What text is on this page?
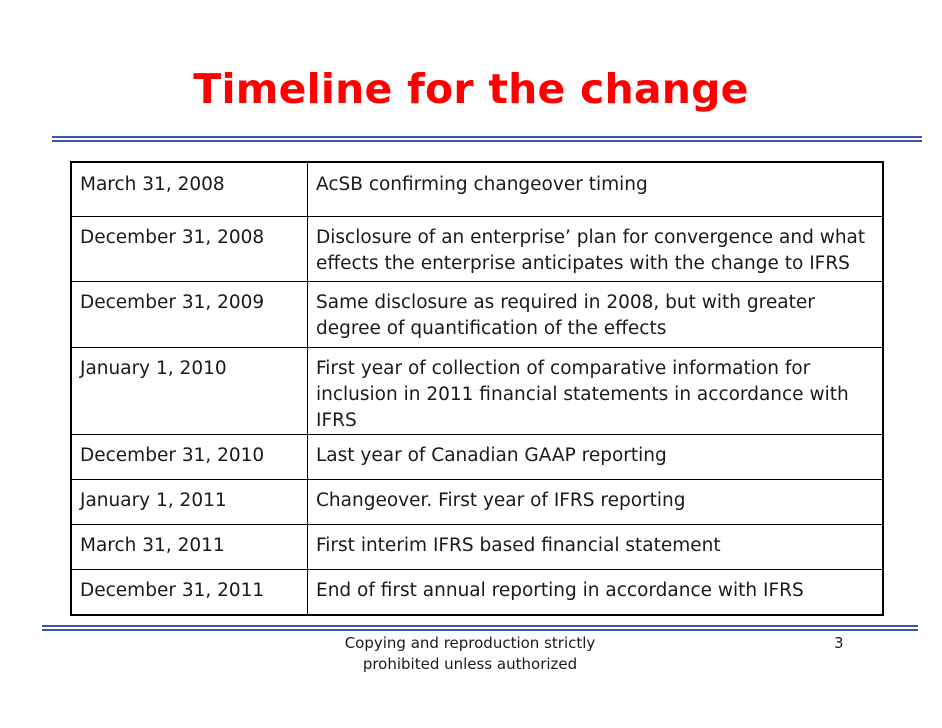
Timeline for the change
March 31, 2008	AcSB confirming changeover timing
December 31, 2008	Disclosure of an enterprise’ plan for convergence and what effects the enterprise anticipates with the change to IFRS
December 31, 2009	Same disclosure as required in 2008, but with greater degree of quantification of the effects
January 1, 2010	First year of collection of comparative information for inclusion in 2011 financial statements in accordance with IFRS
December 31, 2010	Last year of Canadian GAAP reporting
January 1, 2011	Changeover. First year of IFRS reporting
March 31, 2011	First interim IFRS based financial statement
December 31, 2011	End of first annual reporting in accordance with IFRS
Copying and reproduction strictly
prohibited unless authorized
3
